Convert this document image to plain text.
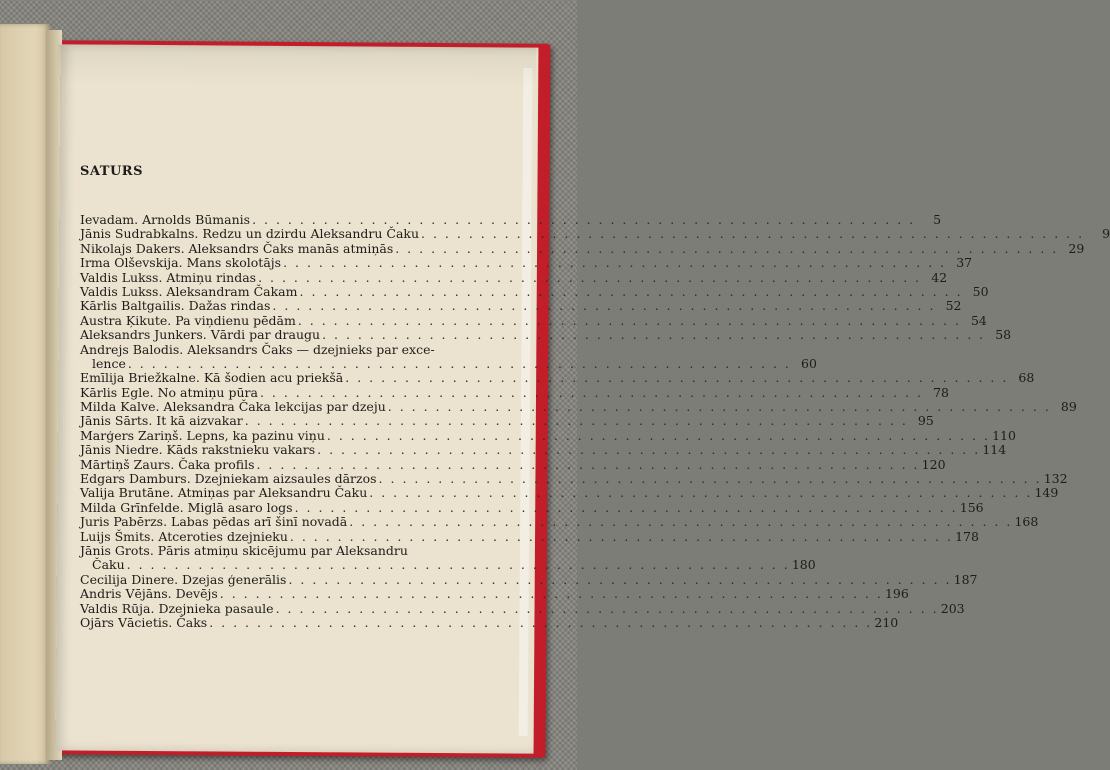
SATURS
Ievadam. Arnolds Būmanis . . .	5
Jānis Sudrabkalns. Redzu un dzirdu Aleksandru Čaku . . .	9
Nikolajs Dakers. Aleksandrs Čaks manās atmiņās . . .	29
Irma Olševskija. Mans skolotājs . . .	37
Valdis Lukss. Atmiņu rindas . . .	42
Valdis Lukss. Aleksandram Čakam . . .	50
Kārlis Baltgailis. Dažas rindas . . .	52
Austra Ķikute. Pa viņdienu pēdām . . .	54
Aleksandrs Junkers. Vārdi par draugu . . .	58
Andrejs Balodis. Aleksandrs Čaks — dzejnieks par exce-
lence . . .	60
Emīlija Briežkalne. Kā šodien acu priekšā . . .	68
Kārlis Egle. No atmiņu pūra . . .	78
Milda Kalve. Aleksandra Čaka lekcijas par dzeju . . .	89
Jānis Sārts. It kā aizvakar . . .	95
Marģers Zariņš. Lepns, ka pazinu viņu . . .	110
Jānis Niedre. Kāds rakstnieku vakars . . .	114
Mārtiņš Zaurs. Čaka profils . . .	120
Edgars Damburs. Dzejniekam aizsaules dārzos . . .	132
Valija Brutāne. Atmiņas par Aleksandru Čaku . . .	149
Milda Grīnfelde. Miglā asaro logs . . .	156
Juris Pabērzs. Labas pēdas arī šinī novadā . . .	168
Luijs Šmits. Atceroties dzejnieku . . .	178
Jānis Grots. Pāris atmiņu skicējumu par Aleksandru
Čaku . . .	180
Cecilija Dinere. Dzejas ģenerālis . . .	187
Andris Vējāns. Devējs . . .	196
Valdis Rūja. Dzejnieka pasaule . . .	203
Ojārs Vācietis. Čaks . . .	210
